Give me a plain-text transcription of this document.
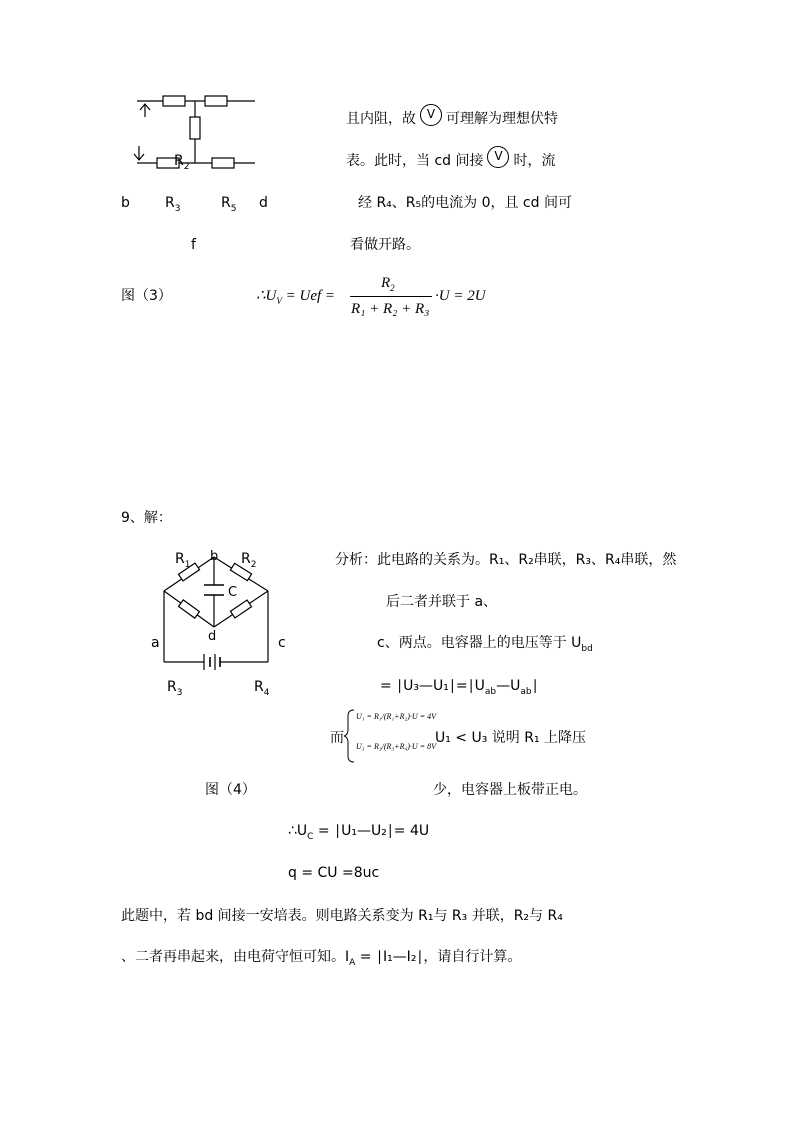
$R_2$
b	$R_3$	$R_5$ d
f
图（3）
且内阻，故 V 可理解为理想伏特
表。此时，当 cd 间接 V 时，流
经 R₄、R₅的电流为 0，且 cd 间可
看做开路。
$\therefore U_V$ = Uef =
$R_2$
R₁ + R₂ + R₃
·U = 2U
9、解：
$R_1$
b $R_2$
C
a	d	c
$R_3$	$R_4$
图（4）
分析：此电路的关系为。R₁、R₂串联，R₃、R₄串联，然
后二者并联于 a、
c、两点。电容器上的电压等于 $U_{bd}$
= $∣U_3—U_1∣=∣U_{ab}—U_{ab}∣$
而
U₁ = R₁/(R₁+R₂)·U = 4V
U₃ = R₃/(R₃+R₄)·U = 8V
U₁ < U₃ 说明 R₁ 上降压
少，电容器上板带正电。
$\therefore U_C$ = ∣U₁—U₂∣= 4U
q = CU =8uc
此题中，若 bd 间接一安培表。则电路关系变为 R₁与 R₃ 并联，R₂与 R₄
、二者再串起来，由电荷守恒可知。$I_A$ = ∣I₁—I₂∣，请自行计算。
